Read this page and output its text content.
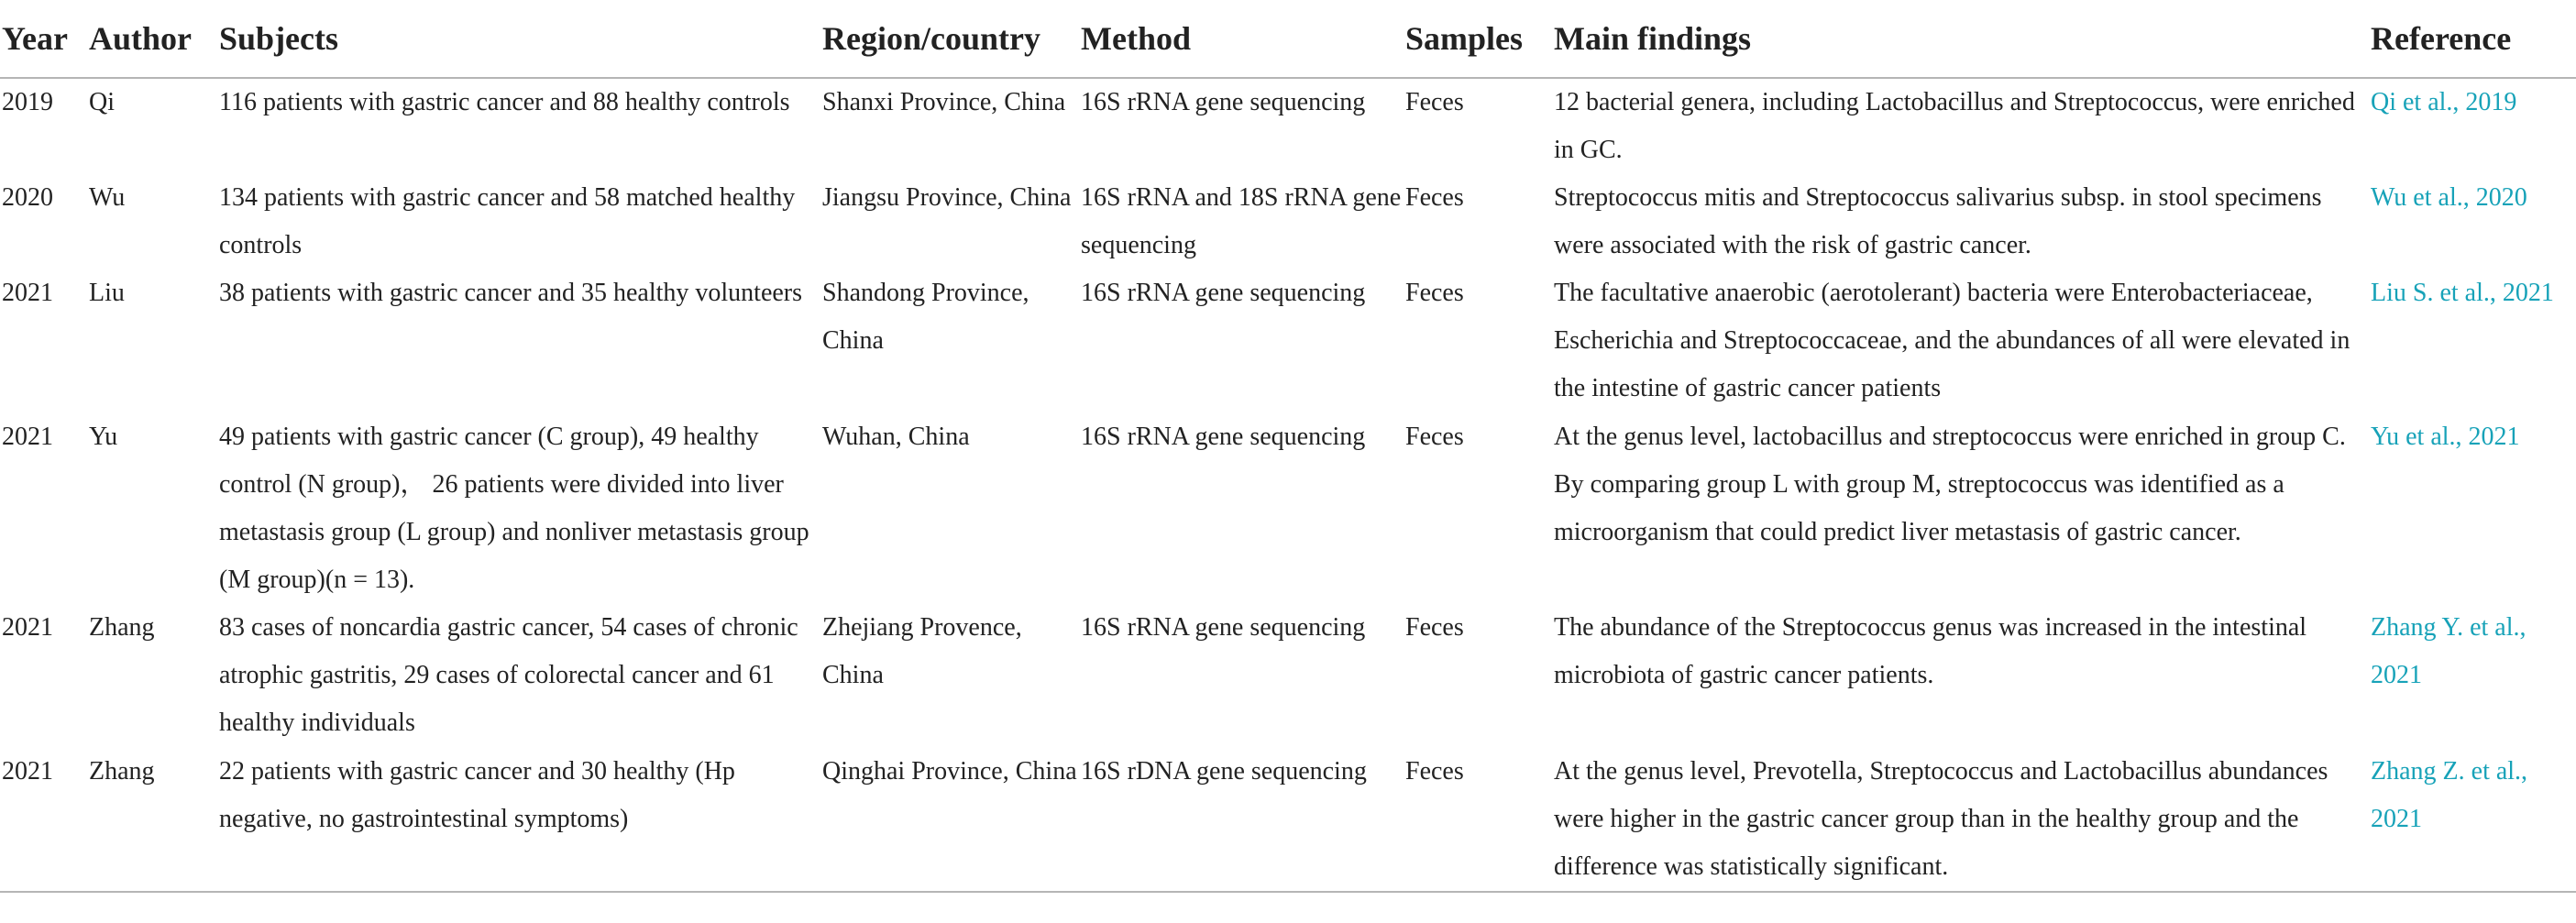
Year	Author	Subjects	Region/country	Method	Samples	Main findings	Reference
2019	Qi	116 patients with gastric cancer and 88 healthy controls	Shanxi Province, China	16S rRNA gene sequencing	Feces	12 bacterial genera, including Lactobacillus and Streptococcus, were enriched in GC.	Qi et al., 2019
2020	Wu	134 patients with gastric cancer and 58 matched healthy controls	Jiangsu Province, China	16S rRNA and 18S rRNA gene sequencing	Feces	Streptococcus mitis and Streptococcus salivarius subsp. in stool specimens were associated with the risk of gastric cancer.	Wu et al., 2020
2021	Liu	38 patients with gastric cancer and 35 healthy volunteers	Shandong Province, China	16S rRNA gene sequencing	Feces	The facultative anaerobic (aerotolerant) bacteria were Enterobacteriaceae, Escherichia and Streptococcaceae, and the abundances of all were elevated in the intestine of gastric cancer patients	Liu S. et al., 2021
2021	Yu	49 patients with gastric cancer (C group), 49 healthy control (N group)， 26 patients were divided into liver metastasis group (L group) and nonliver metastasis group (M group)(n = 13).	Wuhan, China	16S rRNA gene sequencing	Feces	At the genus level, lactobacillus and streptococcus were enriched in group C. By comparing group L with group M, streptococcus was identified as a microorganism that could predict liver metastasis of gastric cancer.	Yu et al., 2021
2021	Zhang	83 cases of noncardia gastric cancer, 54 cases of chronic atrophic gastritis, 29 cases of colorectal cancer and 61 healthy individuals	Zhejiang Provence, China	16S rRNA gene sequencing	Feces	The abundance of the Streptococcus genus was increased in the intestinal microbiota of gastric cancer patients.	Zhang Y. et al., 2021
2021	Zhang	22 patients with gastric cancer and 30 healthy (Hp negative, no gastrointestinal symptoms)	Qinghai Province, China	16S rDNA gene sequencing	Feces	At the genus level, Prevotella, Streptococcus and Lactobacillus abundances were higher in the gastric cancer group than in the healthy group and the difference was statistically significant.	Zhang Z. et al., 2021
